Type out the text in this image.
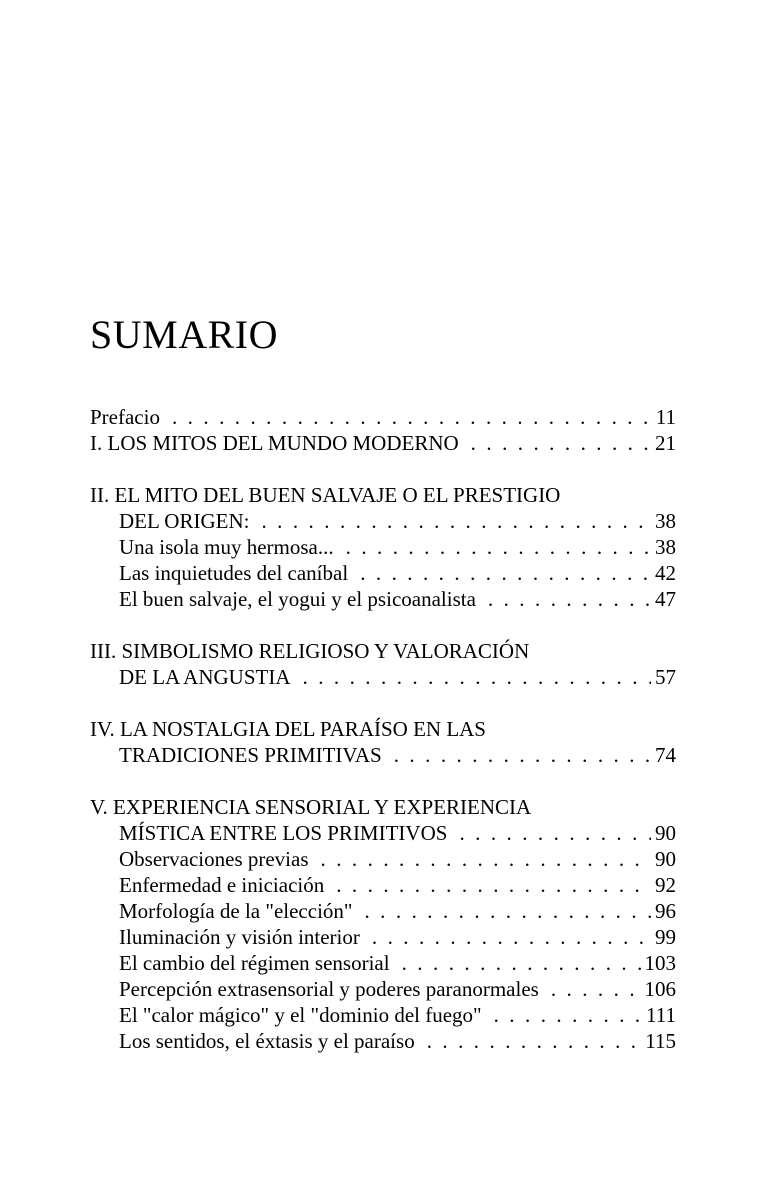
SUMARIO
Prefacio . . .	11
I. LOS MITOS DEL MUNDO MODERNO . . .	21
II. EL MITO DEL BUEN SALVAJE O EL PRESTIGIO
DEL ORIGEN: . . .	38
Una isola muy hermosa... . . .	38
Las inquietudes del caníbal . . .	42
El buen salvaje, el yogui y el psicoanalista . . .	47
III. SIMBOLISMO RELIGIOSO Y VALORACIÓN
DE LA ANGUSTIA . . .	57
IV. LA NOSTALGIA DEL PARAÍSO EN LAS
TRADICIONES PRIMITIVAS . . .	74
V. EXPERIENCIA SENSORIAL Y EXPERIENCIA
MÍSTICA ENTRE LOS PRIMITIVOS . . .	90
Observaciones previas . . .	90
Enfermedad e iniciación . . .	92
Morfología de la "elección" . . .	96
Iluminación y visión interior . . .	99
El cambio del régimen sensorial . . .	103
Percepción extrasensorial y poderes paranormales . . .	106
El "calor mágico" y el "dominio del fuego" . . .	111
Los sentidos, el éxtasis y el paraíso . . .	115
